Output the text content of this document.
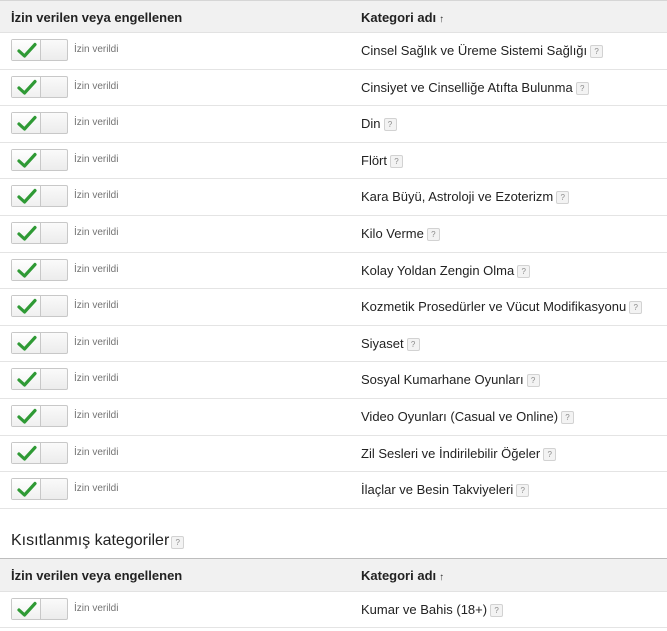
İzin verilen veya engellenen	Kategori adı ↑
İzin verildi	Cinsel Sağlık ve Üreme Sistemi Sağlığı ?
İzin verildi	Cinsiyet ve Cinselliğe Atıfta Bulunma ?
İzin verildi	Din ?
İzin verildi	Flört ?
İzin verildi	Kara Büyü, Astroloji ve Ezoterizm ?
İzin verildi	Kilo Verme ?
İzin verildi	Kolay Yoldan Zengin Olma ?
İzin verildi	Kozmetik Prosedürler ve Vücut Modifikasyonu ?
İzin verildi	Siyaset ?
İzin verildi	Sosyal Kumarhane Oyunları ?
İzin verildi	Video Oyunları (Casual ve Online) ?
İzin verildi	Zil Sesleri ve İndirilebilir Öğeler ?
İzin verildi	İlaçlar ve Besin Takviyeleri ?
Kısıtlanmış kategoriler ?
İzin verilen veya engellenen	Kategori adı ↑
İzin verildi	Kumar ve Bahis (18+) ?
